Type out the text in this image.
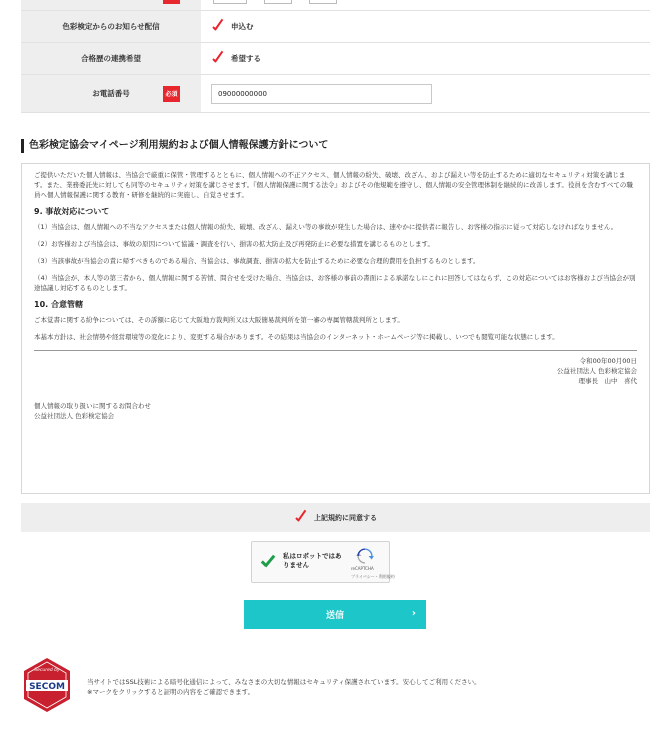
色彩検定からのお知らせ配信	申込む
合格歴の連携希望	希望する
お電話番号	必須	09000000000
色彩検定協会マイページ利用規約および個人情報保護方針について

ご提供いただいた個人情報は、当協会で厳重に保管・管理するとともに、個人情報への不正アクセス、個人情報の紛失、破壊、改ざん、および漏えい等を防止するために適切なセキュリティ対策を講じます。また、業務委託先に対しても同等のセキュリティ対策を講じさせます。『個人情報保護に関する法令』およびその他規範を遵守し、個人情報の安全管理体制を継続的に改善します。役員を含むすべての職員へ個人情報保護に関する教育・研修を継続的に実施し、自覚させます。

9. 事故対応について

（1）当協会は、個人情報への不当なアクセスまたは個人情報の紛失、破壊、改ざん、漏えい等の事故が発生した場合は、速やかに提供者に報告し、お客様の指示に従って対応しなければなりません。

（2）お客様および当協会は、事故の原因について協議・調査を行い、損害の拡大防止及び再発防止に必要な措置を講じるものとします。

（3）当該事故が当協会の責に帰すべきものである場合、当協会は、事故調査、損害の拡大を防止するために必要な合理的費用を負担するものとします。

（4）当協会が、本人等の第三者から、個人情報に関する苦情、問合せを受けた場合、当協会は、お客様の事前の書面による承諾なしにこれに回答してはならず、この対応についてはお客様および当協会が別途協議し対応するものとします。

10. 合意管轄

ご本覚書に関する紛争については、その訴額に応じて大阪地方裁判所又は大阪簡易裁判所を第一審の専属管轄裁判所とします。

本基本方針は、社会情勢や経営環境等の変化により、変更する場合があります。その結果は当協会のインターネット・ホームページ等に掲載し、いつでも閲覧可能な状態にします。

令和00年00月00日
公益社団法人 色彩検定協会
理事長　山中　喜代
個人情報の取り扱いに関するお問合わせ
公益社団法人 色彩検定協会
上記規約に同意する
私はロボットではありません	reCAPTCHA
プライバシー・利用規約
送信	›
Secured by
SECOM	当サイトではSSL技術による暗号化通信によって、みなさまの大切な情報はセキュリティ保護されています。安心してご利用ください。
※マークをクリックすると証明の内容をご確認できます。
